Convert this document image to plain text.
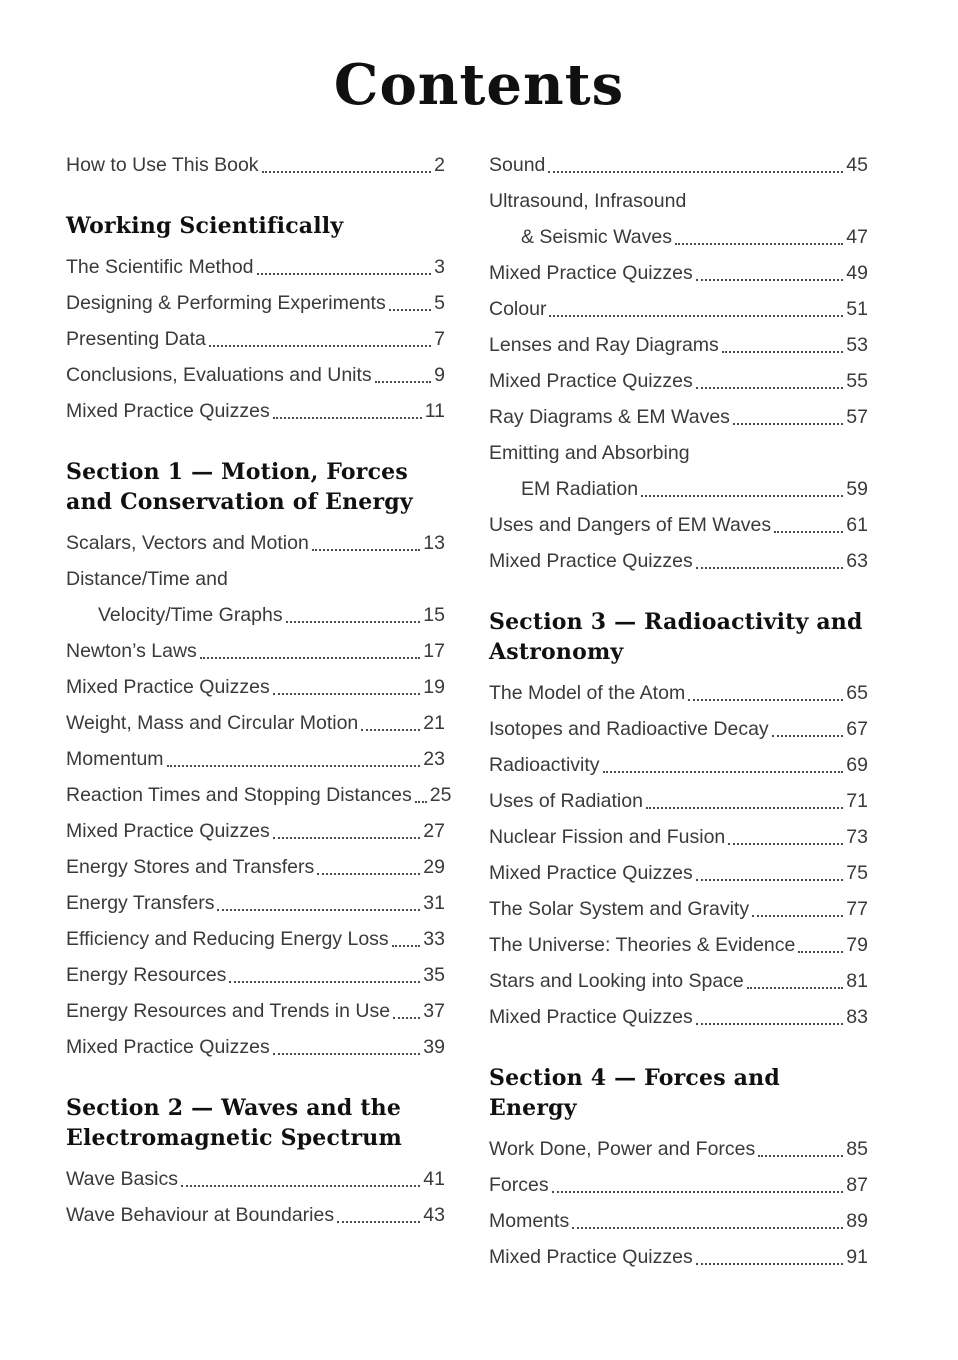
Contents
How to Use This Book	2
Working Scientifically
The Scientific Method	3
Designing & Performing Experiments 5
Presenting Data	7
Conclusions, Evaluations and Units	9
Mixed Practice Quizzes	11
Section 1 — Motion, Forces and Conservation of Energy
Scalars, Vectors and Motion	13
Distance/Time and
Velocity/Time Graphs	15
Newton’s Laws	17
Mixed Practice Quizzes	19
Weight, Mass and Circular Motion	21
Momentum	23
Reaction Times and Stopping Distances 25
Mixed Practice Quizzes	27
Energy Stores and Transfers	29
Energy Transfers	31
Efficiency and Reducing Energy Loss 33
Energy Resources	35
Energy Resources and Trends in Use 37
Mixed Practice Quizzes	39
Section 2 — Waves and the Electromagnetic Spectrum
Wave Basics	41
Wave Behaviour at Boundaries	43
Sound	45
Ultrasound, Infrasound
& Seismic Waves	47
Mixed Practice Quizzes	49
Colour	51
Lenses and Ray Diagrams	53
Mixed Practice Quizzes	55
Ray Diagrams & EM Waves	57
Emitting and Absorbing
EM Radiation	59
Uses and Dangers of EM Waves	61
Mixed Practice Quizzes	63
Section 3 — Radioactivity and Astronomy
The Model of the Atom	65
Isotopes and Radioactive Decay	67
Radioactivity	69
Uses of Radiation	71
Nuclear Fission and Fusion	73
Mixed Practice Quizzes	75
The Solar System and Gravity	77
The Universe: Theories & Evidence	79
Stars and Looking into Space	81
Mixed Practice Quizzes	83
Section 4 — Forces and Energy
Work Done, Power and Forces	85
Forces	87
Moments	89
Mixed Practice Quizzes	91
